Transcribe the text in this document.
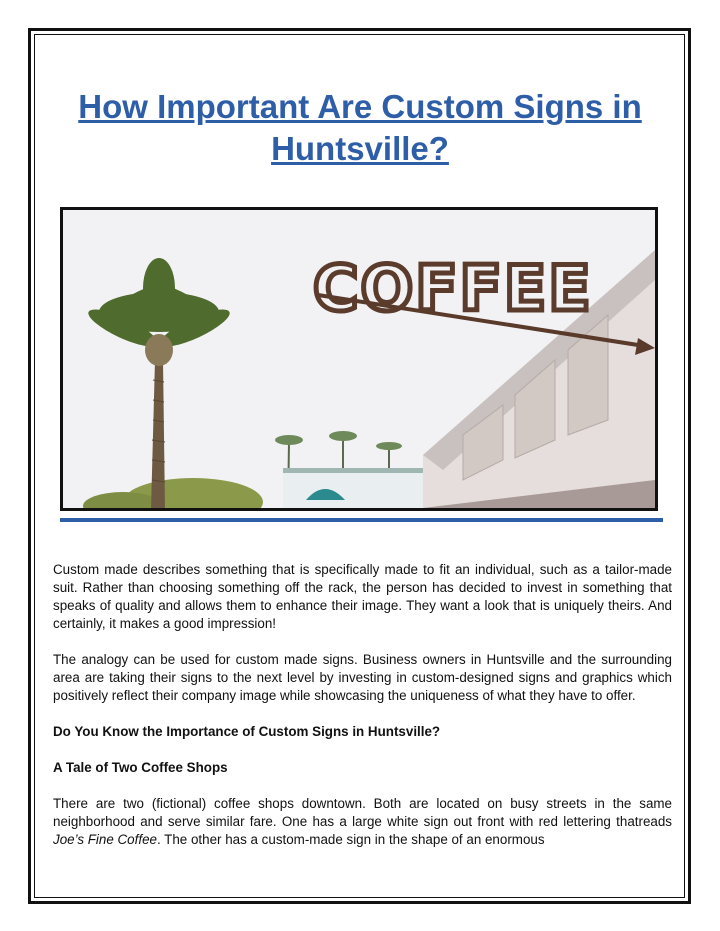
How Important Are Custom Signs in Huntsville?
COFFEE

Custom made describes something that is specifically made to fit an individual, such as a tailor-made suit. Rather than choosing something off the rack, the person has decided to invest in something that speaks of quality and allows them to enhance their image. They want a look that is uniquely theirs. And certainly, it makes a good impression!

The analogy can be used for custom made signs. Business owners in Huntsville and the surrounding area are taking their signs to the next level by investing in custom-designed signs and graphics which positively reflect their company image while showcasing the uniqueness of what they have to offer.

Do You Know the Importance of Custom Signs in Huntsville?
A Tale of Two Coffee Shops

There are two (fictional) coffee shops downtown. Both are located on busy streets in the same neighborhood and serve similar fare. One has a large white sign out front with red lettering thatreads Joe’s Fine Coffee. The other has a custom-made sign in the shape of an enormous
